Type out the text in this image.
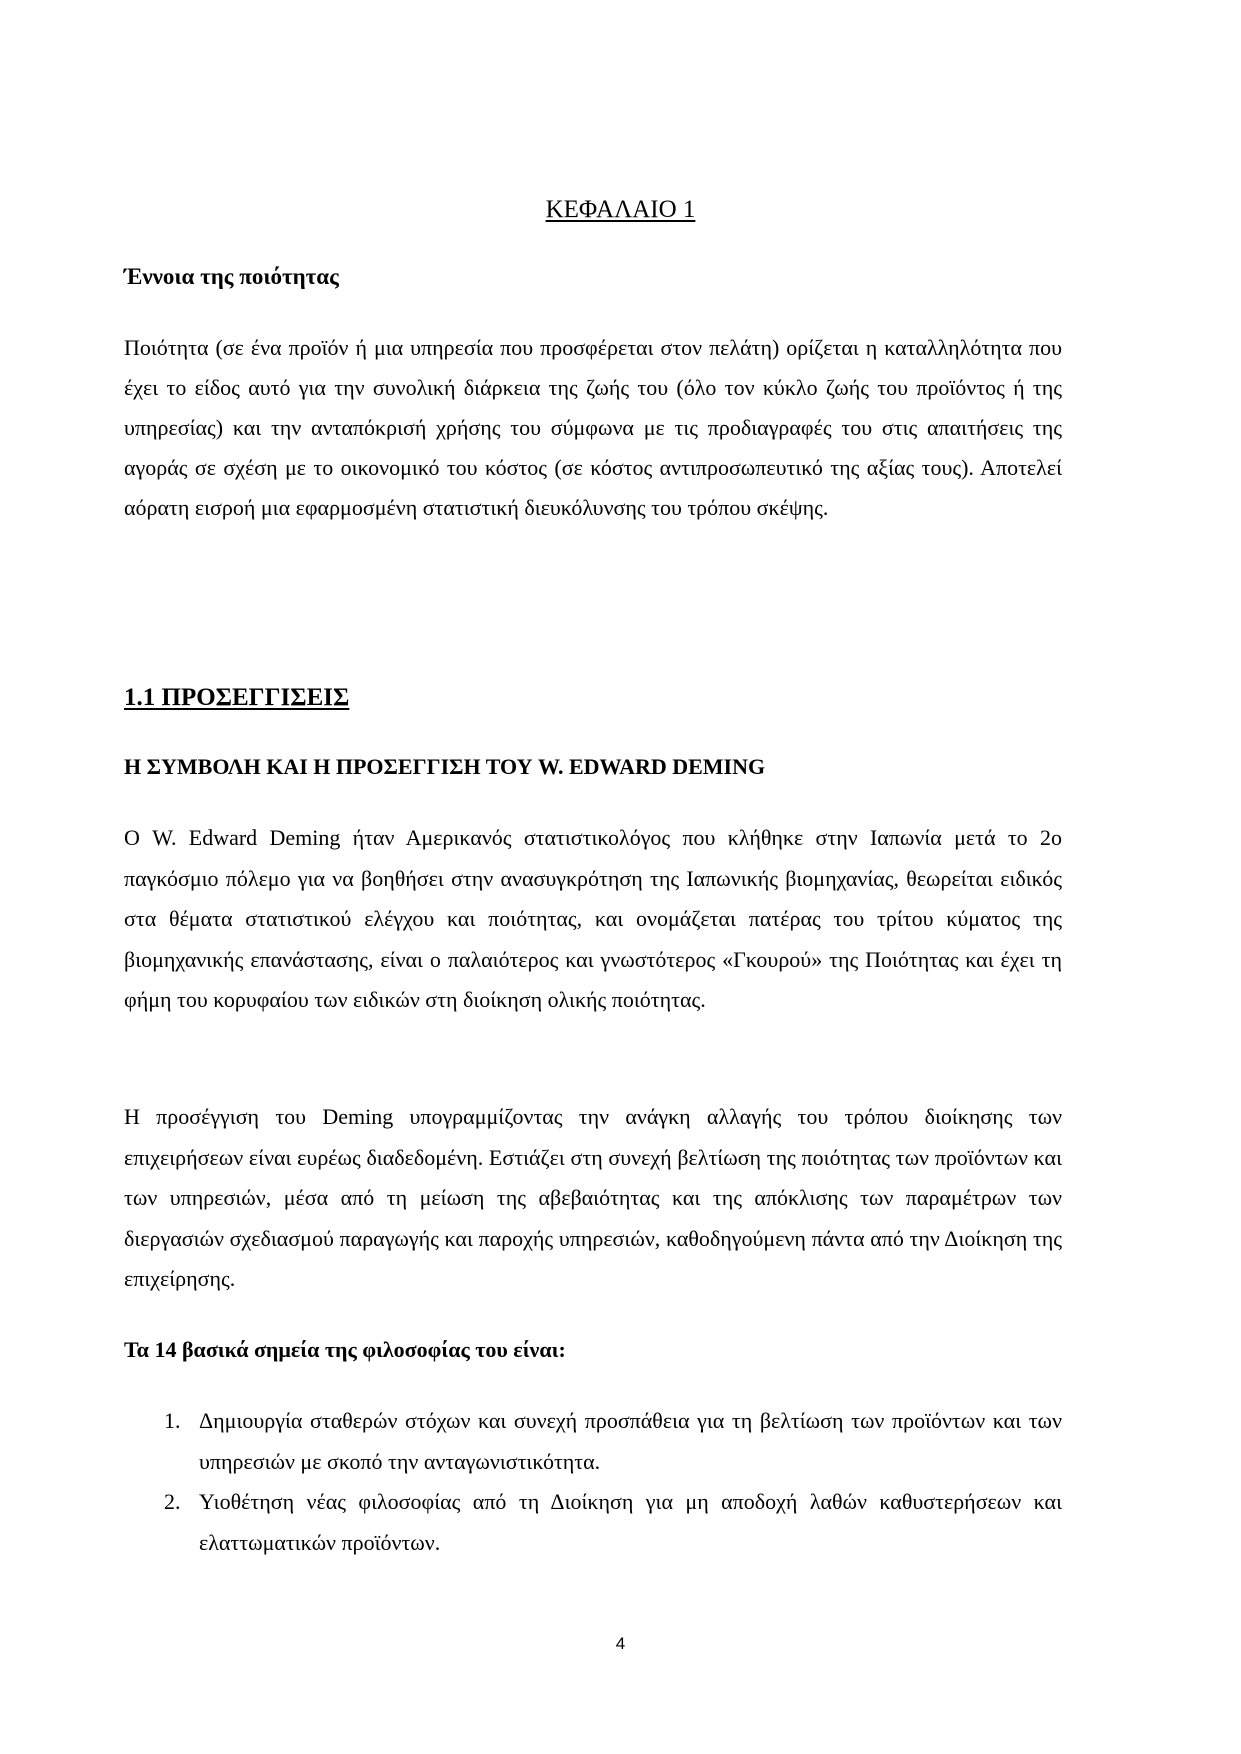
ΚΕΦΑΛΑΙΟ 1
Έννοια της ποιότητας

Ποιότητα (σε ένα προϊόν ή μια υπηρεσία που προσφέρεται στον πελάτη) ορίζεται η καταλληλότητα που έχει το είδος αυτό για την συνολική διάρκεια της ζωής του (όλο τον κύκλο ζωής του προϊόντος ή της υπηρεσίας) και την ανταπόκρισή χρήσης του σύμφωνα με τις προδιαγραφές του στις απαιτήσεις της αγοράς σε σχέση με το οικονομικό του κόστος (σε κόστος αντιπροσωπευτικό της αξίας τους). Αποτελεί αόρατη εισροή μια εφαρμοσμένη στατιστική διευκόλυνσης του τρόπου σκέψης.

1.1 ΠΡΟΣΕΓΓΙΣΕΙΣ
Η ΣΥΜΒΟΛΗ ΚΑΙ Η ΠΡΟΣΕΓΓΙΣΗ ΤΟΥ W. EDWARD DEMING

Ο W. Edward Deming ήταν Αμερικανός στατιστικολόγος που κλήθηκε στην Ιαπωνία μετά το 2ο παγκόσμιο πόλεμο για να βοηθήσει στην ανασυγκρότηση της Ιαπωνικής βιομηχανίας, θεωρείται ειδικός στα θέματα στατιστικού ελέγχου και ποιότητας, και ονομάζεται πατέρας του τρίτου κύματος της βιομηχανικής επανάστασης, είναι ο παλαιότερος και γνωστότερος «Γκουρού» της Ποιότητας και έχει τη φήμη του κορυφαίου των ειδικών στη διοίκηση ολικής ποιότητας.

Η προσέγγιση του Deming υπογραμμίζοντας την ανάγκη αλλαγής του τρόπου διοίκησης των επιχειρήσεων είναι ευρέως διαδεδομένη. Εστιάζει στη συνεχή βελτίωση της ποιότητας των προϊόντων και των υπηρεσιών, μέσα από τη μείωση της αβεβαιότητας και της απόκλισης των παραμέτρων των διεργασιών σχεδιασμού παραγωγής και παροχής υπηρεσιών, καθοδηγούμενη πάντα από την Διοίκηση της επιχείρησης.

Τα 14 βασικά σημεία της φιλοσοφίας του είναι:

1. Δημιουργία σταθερών στόχων και συνεχή προσπάθεια για τη βελτίωση των προϊόντων και των υπηρεσιών με σκοπό την ανταγωνιστικότητα.
2. Υιοθέτηση νέας φιλοσοφίας από τη Διοίκηση για μη αποδοχή λαθών καθυστερήσεων και ελαττωματικών προϊόντων.

4
